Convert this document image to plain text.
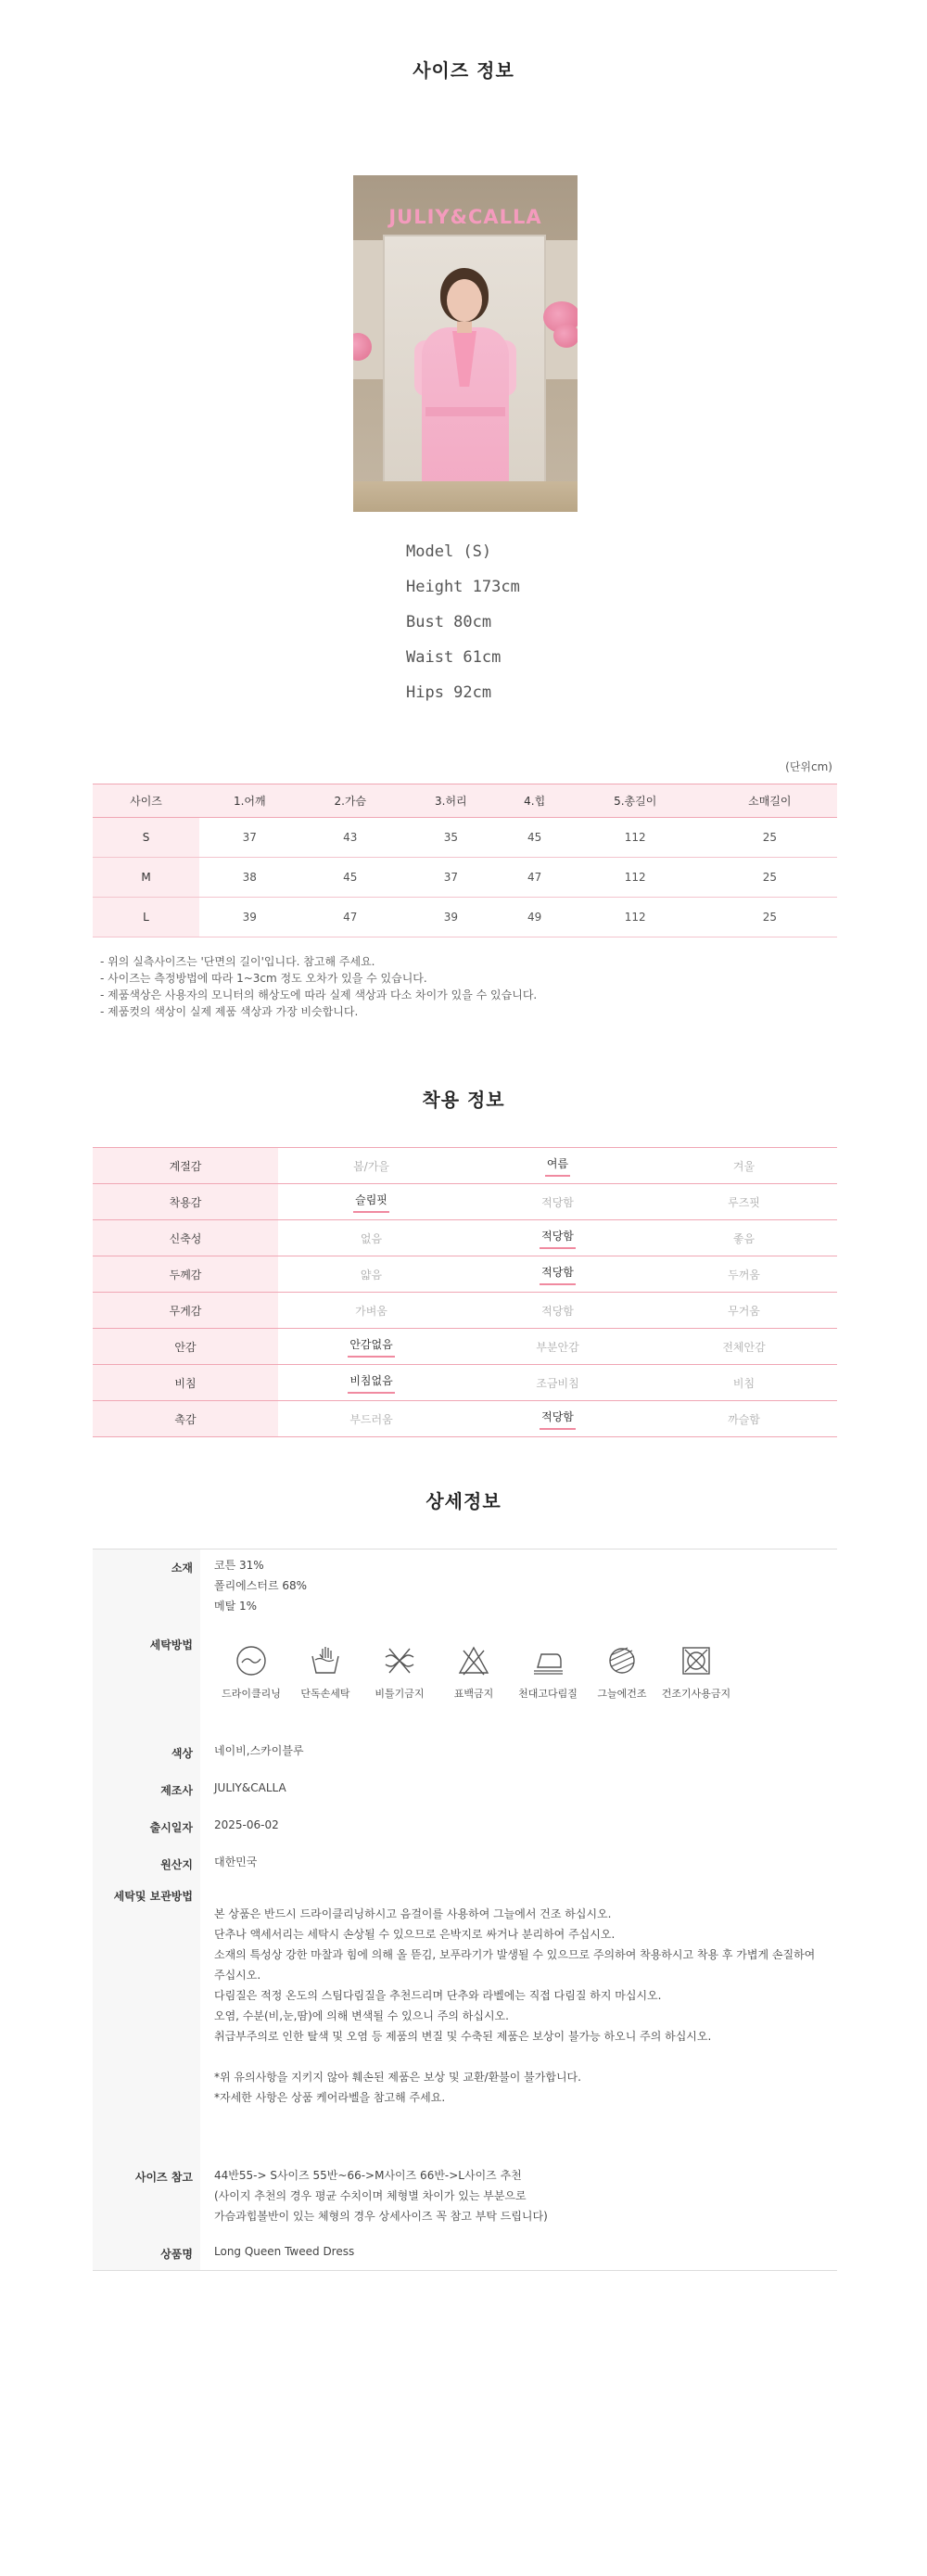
사이즈 정보
JULIY&CALLA
Model (S)
Height 173cm
Bust 80cm
Waist 61cm
Hips 92cm
(단위cm)
사이즈	1.어깨	2.가슴	3.허리	4.힙	5.총길이	소매길이
S	37	43	35	45	112	25
M	38	45	37	47	112	25
L	39	47	39	49	112	25
- 위의 실측사이즈는 '단면의 길이'입니다. 참고해 주세요.
- 사이즈는 측정방법에 따라 1~3cm 정도 오차가 있을 수 있습니다.
- 제품색상은 사용자의 모니터의 해상도에 따라 실제 색상과 다소 차이가 있을 수 있습니다.
- 제품컷의 색상이 실제 제품 색상과 가장 비슷합니다.
착용 정보
계절감	봄/가을	여름	겨울
착용감	슬림핏	적당함	루즈핏
신축성	없음	적당함	좋음
두께감	얇음	적당함	두꺼움
무게감	가벼움	적당함	무거움
안감	안감없음	부분안감	전체안감
비침	비침없음	조금비침	비침
촉감	부드러움	적당함	까슬함
상세정보
소재 코튼 31%
폴리에스터르 68%
메탈 1%
세탁방법
드라이클리닝 단독손세탁 비틀기금지	표백금지 천대고다림질 그늘에건조 건조기사용금지
색상 네이비,스카이블루
제조사 JULIY&CALLA
출시일자 2025-06-02
원산지 대한민국
세탁및 보관방법
본 상품은 반드시 드라이클리닝하시고 음걸이를 사용하여 그늘에서 건조 하십시오.
단추나 액세서리는 세탁시 손상될 수 있으므로 은박지로 싸거나 분리하여 주십시오.
소재의 특성상 강한 마찰과 힘에 의해 올 뜯김, 보푸라기가 발생될 수 있으므로 주의하여 착용하시고 착용 후 가볍게 손질하여
주십시오.
다림질은 적정 온도의 스팀다림질을 추천드리며 단추와 라벨에는 직접 다림질 하지 마십시오.
오염, 수분(비,눈,땀)에 의해 변색될 수 있으니 주의 하십시오.
취급부주의로 인한 탈색 및 오염 등 제품의 변질 및 수축된 제품은 보상이 불가능 하오니 주의 하십시오.
*위 유의사항을 지키지 않아 훼손된 제품은 보상 및 교환/환불이 불가합니다.
*자세한 사항은 상품 케어라벨을 참고해 주세요.
사이즈 참고 44반55-> S사이즈 55반~66->M사이즈 66반->L사이즈 추천
(사이지 추천의 경우 평균 수치이며 체형별 차이가 있는 부분으로
가슴과힙볼반이 있는 체형의 경우 상세사이즈 꼭 참고 부탁 드립니다)
상품명 Long Queen Tweed Dress
